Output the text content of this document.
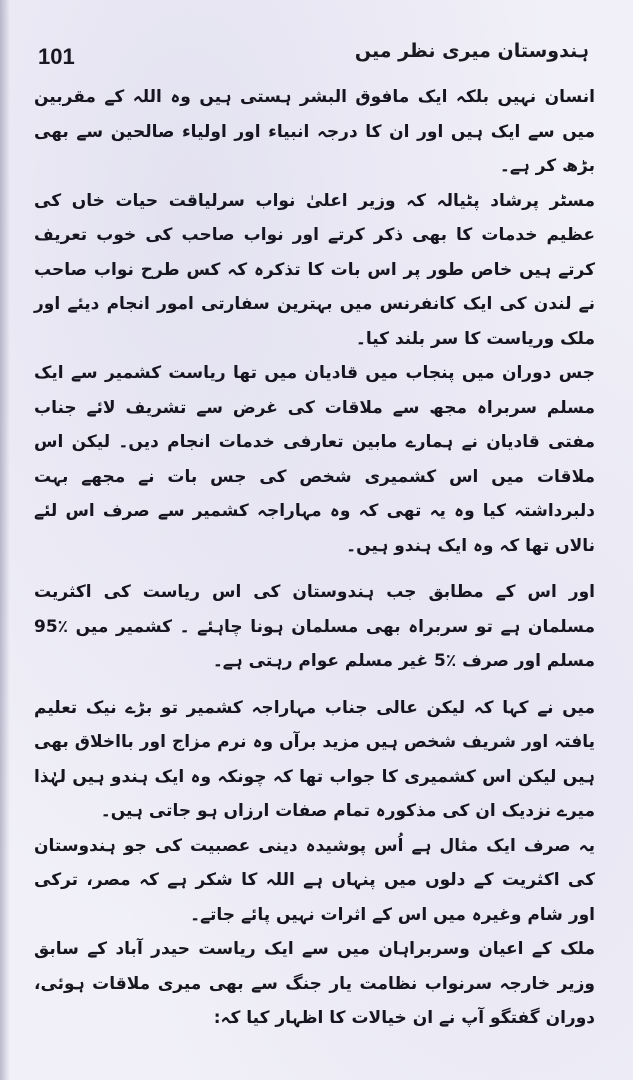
101	ہندوستان میری نظر میں

انسان نہیں بلکہ ایک مافوق البشر ہستی ہیں وہ اللہ کے مقربین میں سے ایک ہیں اور ان کا درجہ انبیاء اور اولیاء صالحین سے بھی بڑھ کر ہے۔

مسٹر پرشاد پٹیالہ کہ وزیر اعلیٰ نواب سرلیاقت حیات خاں کی عظیم خدمات کا بھی ذکر کرتے اور نواب صاحب کی خوب تعریف کرتے ہیں خاص طور پر اس بات کا تذکرہ کہ کس طرح نواب صاحب نے لندن کی ایک کانفرنس میں بہترین سفارتی امور انجام دیئے اور ملک وریاست کا سر بلند کیا۔

جس دوران میں پنجاب میں قادیان میں تھا ریاست کشمیر سے ایک مسلم سربراہ مجھ سے ملاقات کی غرض سے تشریف لائے جناب مفتی قادیان نے ہمارے مابین تعارفی خدمات انجام دیں۔ لیکن اس ملاقات میں اس کشمیری شخص کی جس بات نے مجھے بہت دلبرداشتہ کیا وہ یہ تھی کہ وہ مہاراجہ کشمیر سے صرف اس لئے نالاں تھا کہ وہ ایک ہندو ہیں۔

اور اس کے مطابق جب ہندوستان کی اس ریاست کی اکثریت مسلمان ہے تو سربراہ بھی مسلمان ہونا چاہئے ۔ کشمیر میں ٪95 مسلم اور صرف ٪5 غیر مسلم عوام رہتی ہے۔

میں نے کہا کہ لیکن عالی جناب مہاراجہ کشمیر تو بڑے نیک تعلیم یافتہ اور شریف شخص ہیں مزید برآں وہ نرم مزاج اور بااخلاق بھی ہیں لیکن اس کشمیری کا جواب تھا کہ چونکہ وہ ایک ہندو ہیں لہٰذا میرے نزدیک ان کی مذکورہ تمام صفات ارزاں ہو جاتی ہیں۔

یہ صرف ایک مثال ہے اُس پوشیدہ دینی عصبیت کی جو ہندوستان کی اکثریت کے دلوں میں پنہاں ہے اللہ کا شکر ہے کہ مصر، ترکی اور شام وغیرہ میں اس کے اثرات نہیں پائے جاتے۔

ملک کے اعیان وسربراہان میں سے ایک ریاست حیدر آباد کے سابق وزیر خارجہ سرنواب نظامت یار جنگ سے بھی میری ملاقات ہوئی، دوران گفتگو آپ نے ان خیالات کا اظہار کیا کہ:
